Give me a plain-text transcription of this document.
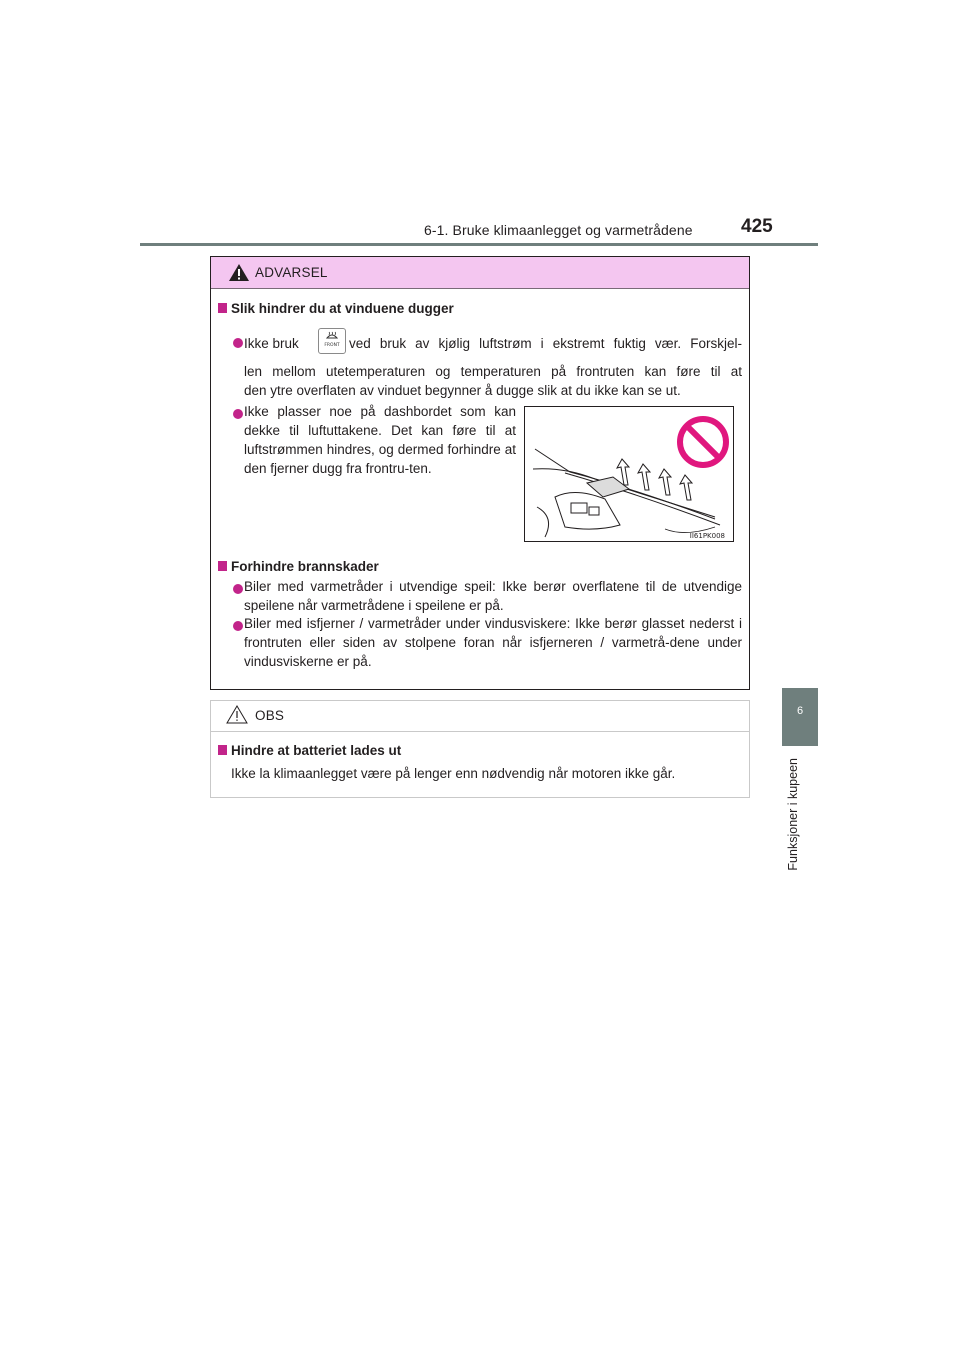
6-1. Bruke klimaanlegget og varmetrådene	425
6
Funksjoner i kupeen
ADVARSEL
Slik hindrer du at vinduene dugger
Ikke bruk	FRONT ved bruk av kjølig luftstrøm i ekstremt fuktig vær. Forskjel-
len mellom utetemperaturen og temperaturen på frontruten kan føre til at
den ytre overflaten av vinduet begynner å dugge slik at du ikke kan se ut.
Ikke plasser noe på dashbordet som kan dekke til luftuttakene. Det kan føre til at luftstrømmen hindres, og dermed forhindre at den fjerner dugg fra frontru-ten.
II61PK008
Forhindre brannskader
Biler med varmetråder i utvendige speil: Ikke berør overflatene til de utvendige speilene når varmetrådene i speilene er på.
Biler med isfjerner / varmetråder under vindusviskere: Ikke berør glasset nederst i frontruten eller siden av stolpene foran når isfjerneren / varmetrå-dene under vindusviskerne er på.
OBS
Hindre at batteriet lades ut
Ikke la klimaanlegget være på lenger enn nødvendig når motoren ikke går.
